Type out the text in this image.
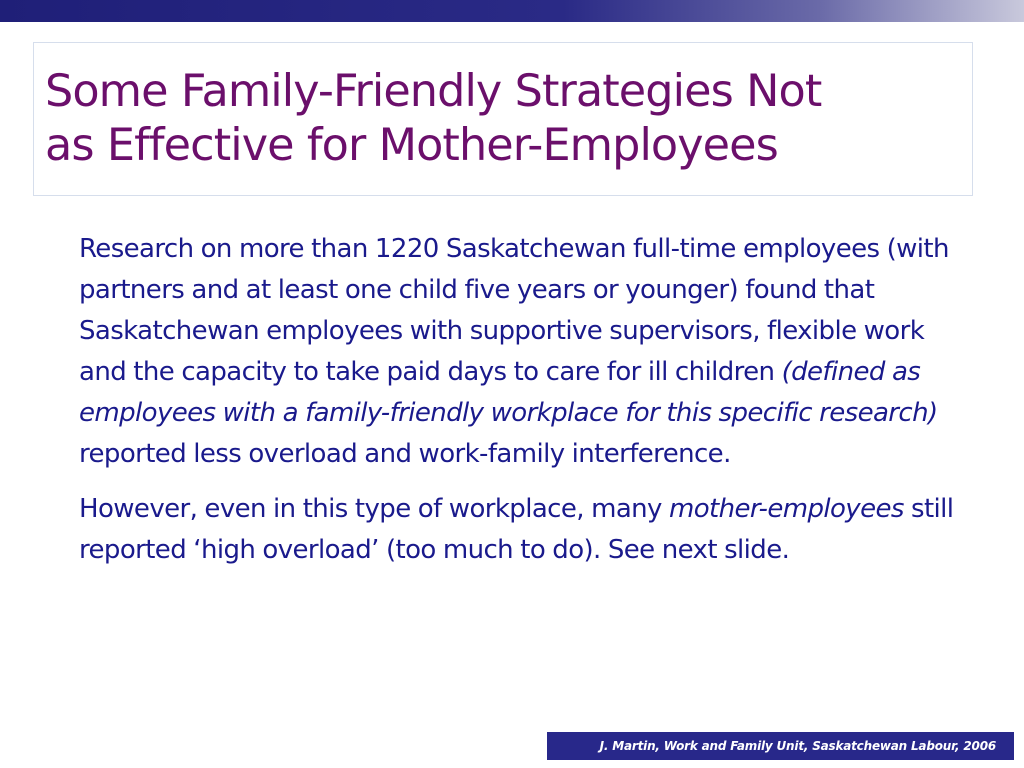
Some Family-Friendly Strategies Not
as Effective for Mother-Employees

Research on more than 1220 Saskatchewan full-time employees (with partners and at least one child five years or younger) found that Saskatchewan employees with supportive supervisors, flexible work and the capacity to take paid days to care for ill children (defined as employees with a family-friendly workplace for this specific research) reported less overload and work-family interference.

However, even in this type of workplace, many mother-employees still reported ‘high overload’ (too much to do). See next slide.

J. Martin, Work and Family Unit, Saskatchewan Labour, 2006
